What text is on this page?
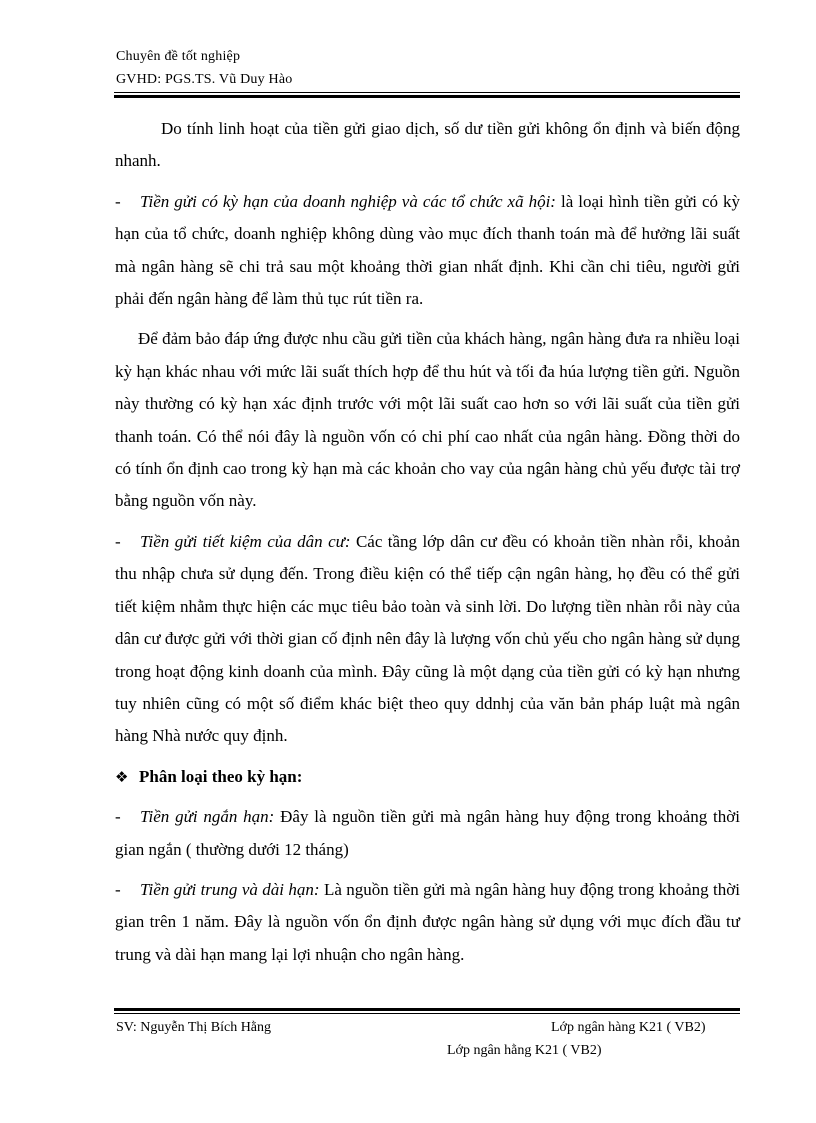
Chuyên đề tốt nghiệp
GVHD: PGS.TS. Vũ Duy Hào

Do tính linh hoạt của tiền gửi giao dịch, số dư tiền gửi không ổn định và biến động nhanh.

- Tiền gửi có kỳ hạn của doanh nghiệp và các tổ chức xã hội: là loại hình tiền gửi có kỳ hạn của tổ chức, doanh nghiệp không dùng vào mục đích thanh toán mà để hưởng lãi suất mà ngân hàng sẽ chi trả sau một khoảng thời gian nhất định. Khi cần chi tiêu, người gửi phải đến ngân hàng để làm thủ tục rút tiền ra.

Để đảm bảo đáp ứng được nhu cầu gửi tiền của khách hàng, ngân hàng đưa ra nhiều loại kỳ hạn khác nhau với mức lãi suất thích hợp để thu hút và tối đa húa lượng tiền gửi. Nguồn này thường có kỳ hạn xác định trước với một lãi suất cao hơn so với lãi suất của tiền gửi thanh toán. Có thể nói đây là nguồn vốn có chi phí cao nhất của ngân hàng. Đồng thời do có tính ổn định cao trong kỳ hạn mà các khoản cho vay của ngân hàng chủ yếu được tài trợ bằng nguồn vốn này.

- Tiền gửi tiết kiệm của dân cư: Các tầng lớp dân cư đều có khoản tiền nhàn rỗi, khoản thu nhập chưa sử dụng đến. Trong điều kiện có thể tiếp cận ngân hàng, họ đều có thể gửi tiết kiệm nhằm thực hiện các mục tiêu bảo toàn và sinh lời. Do lượng tiền nhàn rỗi này của dân cư được gửi với thời gian cố định nên đây là lượng vốn chủ yếu cho ngân hàng sử dụng trong hoạt động kinh doanh của mình. Đây cũng là một dạng của tiền gửi có kỳ hạn nhưng tuy nhiên cũng có một số điểm khác biệt theo quy ddnhj của văn bản pháp luật mà ngân hàng Nhà nước quy định.

❖ Phân loại theo kỳ hạn:

- Tiền gửi ngắn hạn: Đây là nguồn tiền gửi mà ngân hàng huy động trong khoảng thời gian ngắn ( thường dưới 12 tháng)

- Tiền gửi trung và dài hạn: Là nguồn tiền gửi mà ngân hàng huy động trong khoảng thời gian trên 1 năm. Đây là nguồn vốn ổn định được ngân hàng sử dụng với mục đích đầu tư trung và dài hạn mang lại lợi nhuận cho ngân hàng.

SV: Nguyễn Thị Bích Hằng	Lớp ngân hàng K21 ( VB2)
Lớp ngân hằng K21 ( VB2)
